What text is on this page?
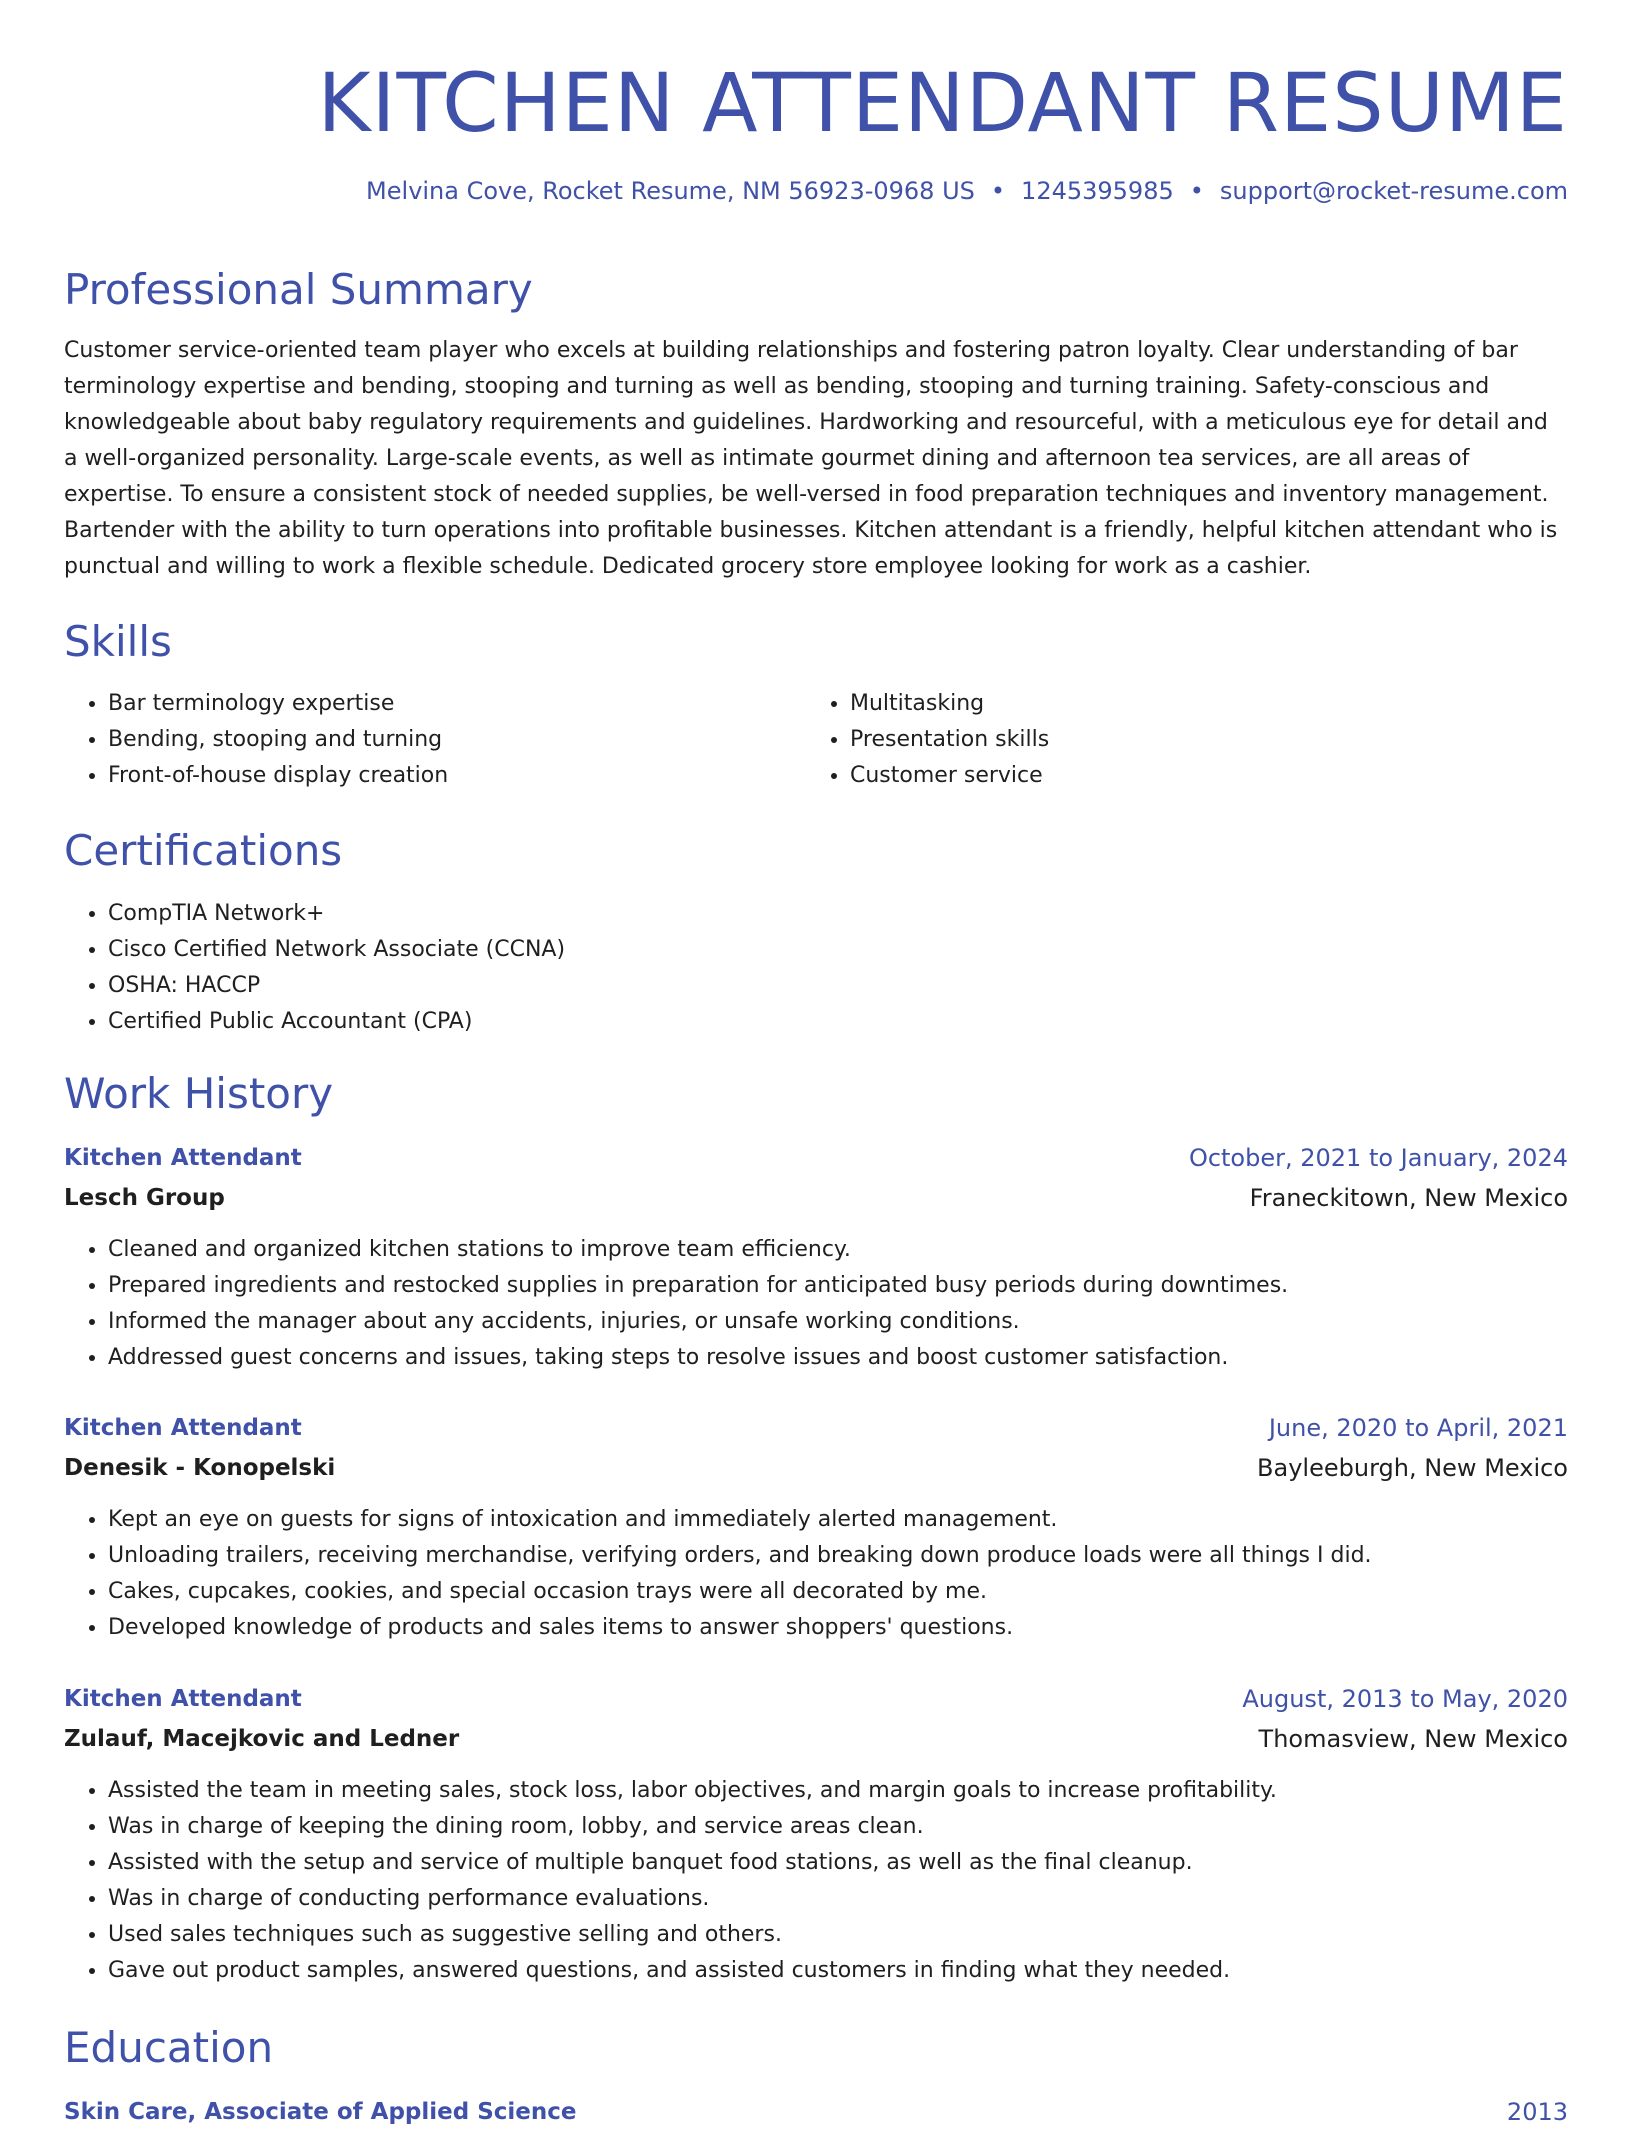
KITCHEN ATTENDANT RESUME
Melvina Cove, Rocket Resume, NM 56923-0968 US • 1245395985 • support@rocket-resume.com
Professional Summary

Customer service-oriented team player who excels at building relationships and fostering patron loyalty. Clear understanding of bar terminology expertise and bending, stooping and turning as well as bending, stooping and turning training. Safety-conscious and knowledgeable about baby regulatory requirements and guidelines. Hardworking and resourceful, with a meticulous eye for detail and a well-organized personality. Large-scale events, as well as intimate gourmet dining and afternoon tea services, are all areas of expertise. To ensure a consistent stock of needed supplies, be well-versed in food preparation techniques and inventory management. Bartender with the ability to turn operations into profitable businesses. Kitchen attendant is a friendly, helpful kitchen attendant who is punctual and willing to work a flexible schedule. Dedicated grocery store employee looking for work as a cashier.

Skills
• Bar terminology expertise
• Bending, stooping and turning
• Front-of-house display creation
• Multitasking
• Presentation skills
• Customer service
Certifications
• CompTIA Network+
• Cisco Certified Network Associate (CCNA)
• OSHA: HACCP
• Certified Public Accountant (CPA)
Work History
Kitchen Attendant	October, 2021 to January, 2024
Lesch Group	Franeckitown, New Mexico
• Cleaned and organized kitchen stations to improve team efficiency.
• Prepared ingredients and restocked supplies in preparation for anticipated busy periods during downtimes.
• Informed the manager about any accidents, injuries, or unsafe working conditions.
• Addressed guest concerns and issues, taking steps to resolve issues and boost customer satisfaction.
Kitchen Attendant	June, 2020 to April, 2021
Denesik - Konopelski	Bayleeburgh, New Mexico
• Kept an eye on guests for signs of intoxication and immediately alerted management.
• Unloading trailers, receiving merchandise, verifying orders, and breaking down produce loads were all things I did.
• Cakes, cupcakes, cookies, and special occasion trays were all decorated by me.
• Developed knowledge of products and sales items to answer shoppers' questions.
Kitchen Attendant	August, 2013 to May, 2020
Zulauf, Macejkovic and Ledner	Thomasview, New Mexico
• Assisted the team in meeting sales, stock loss, labor objectives, and margin goals to increase profitability.
• Was in charge of keeping the dining room, lobby, and service areas clean.
• Assisted with the setup and service of multiple banquet food stations, as well as the final cleanup.
• Was in charge of conducting performance evaluations.
• Used sales techniques such as suggestive selling and others.
• Gave out product samples, answered questions, and assisted customers in finding what they needed.
Education
Skin Care, Associate of Applied Science	2013
